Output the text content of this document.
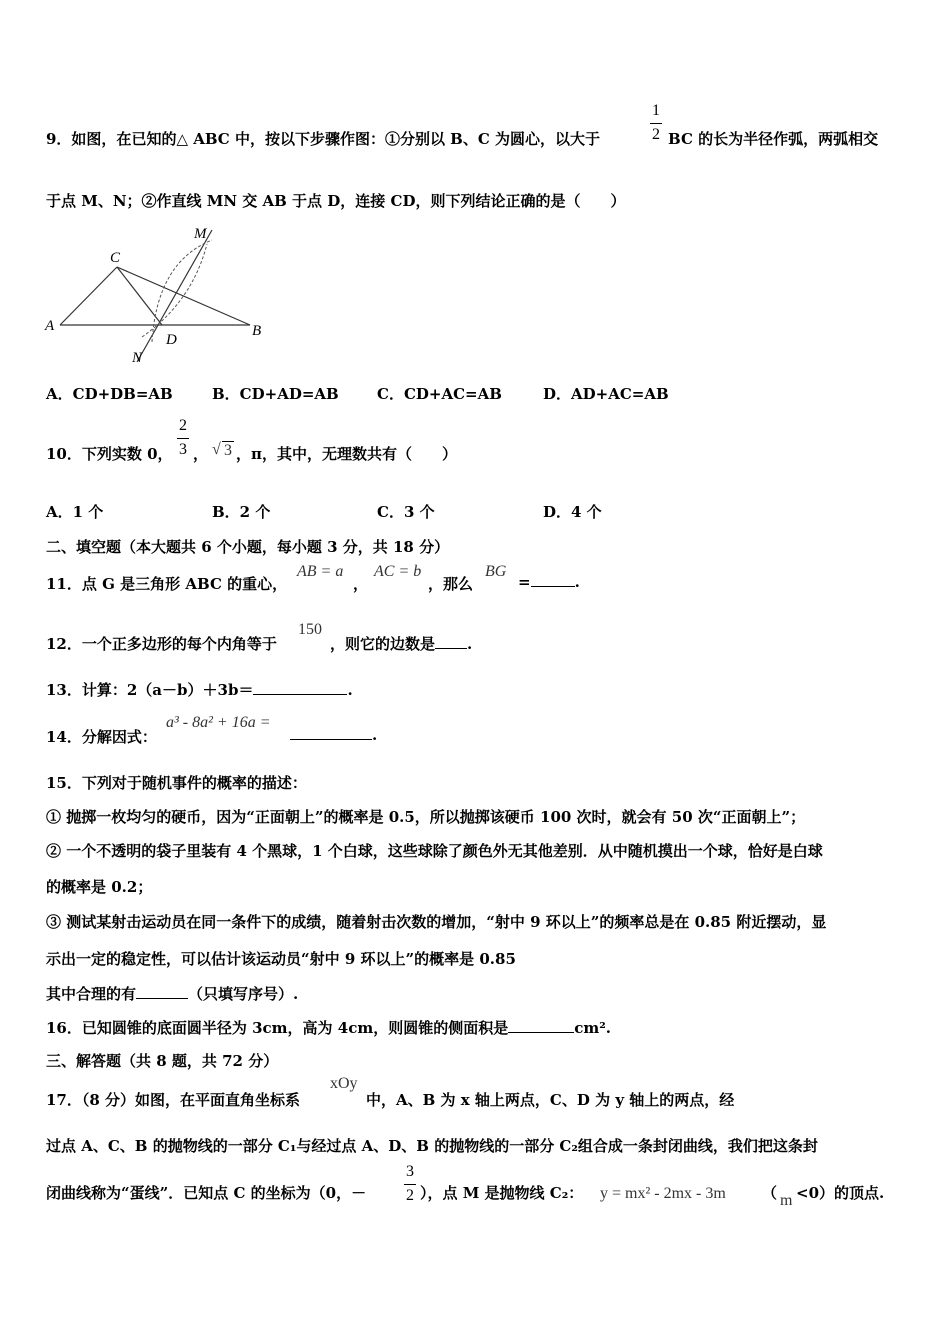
9．如图，在已知的△ ABC 中，按以下步骤作图：①分别以 B、C 为圆心，以大于
1
2 BC 的长为半径作弧，两弧相交
于点 M、N；②作直线 MN 交 AB 于点 D，连接 CD，则下列结论正确的是（　　）
A	B
C
D
M
N
A．CD+DB=AB	B．CD+AD=AB	C．CD+AC=AB	D．AD+AC=AB
10．下列实数 0，
2
3 ， √ 3 ，π，其中，无理数共有（　　）
A．1 个	B．2 个	C．3 个	D．4 个
二、填空题（本大题共 6 个小题，每小题 3 分，共 18 分）
11．点 G 是三角形 ABC 的重心，
AB = a
，
AC = b
，那么
BG
=	.
12．一个正多边形的每个内角等于
150
，则它的边数是 .
13．计算：2（a－b）＋3b＝	.
14．分解因式：
a³ - 8a² + 16a =
.
15．下列对于随机事件的概率的描述：
① 抛掷一枚均匀的硬币，因为“正面朝上”的概率是 0.5，所以抛掷该硬币 100 次时，就会有 50 次“正面朝上”；
② 一个不透明的袋子里装有 4 个黑球，1 个白球，这些球除了颜色外无其他差别．从中随机摸出一个球，恰好是白球
的概率是 0.2；
③ 测试某射击运动员在同一条件下的成绩，随着射击次数的增加，“射中 9 环以上”的频率总是在 0.85 附近摆动，显
示出一定的稳定性，可以估计该运动员“射中 9 环以上”的概率是 0.85
其中合理的有	（只填写序号）.
16．已知圆锥的底面圆半径为 3cm，高为 4cm，则圆锥的侧面积是	cm².
三、解答题（共 8 题，共 72 分）
17．（8 分）如图，在平面直角坐标系
xOy
中，A、B 为 x 轴上两点，C、D 为 y 轴上的两点，经
过点 A、C、B 的抛物线的一部分 C₁与经过点 A、D、B 的抛物线的一部分 C₂组合成一条封闭曲线，我们把这条封
闭曲线称为“蛋线”．已知点 C 的坐标为（0，－
3
2 ），点 M 是抛物线 C₂： y = mx² - 2mx - 3m （ m <0）的顶点.
